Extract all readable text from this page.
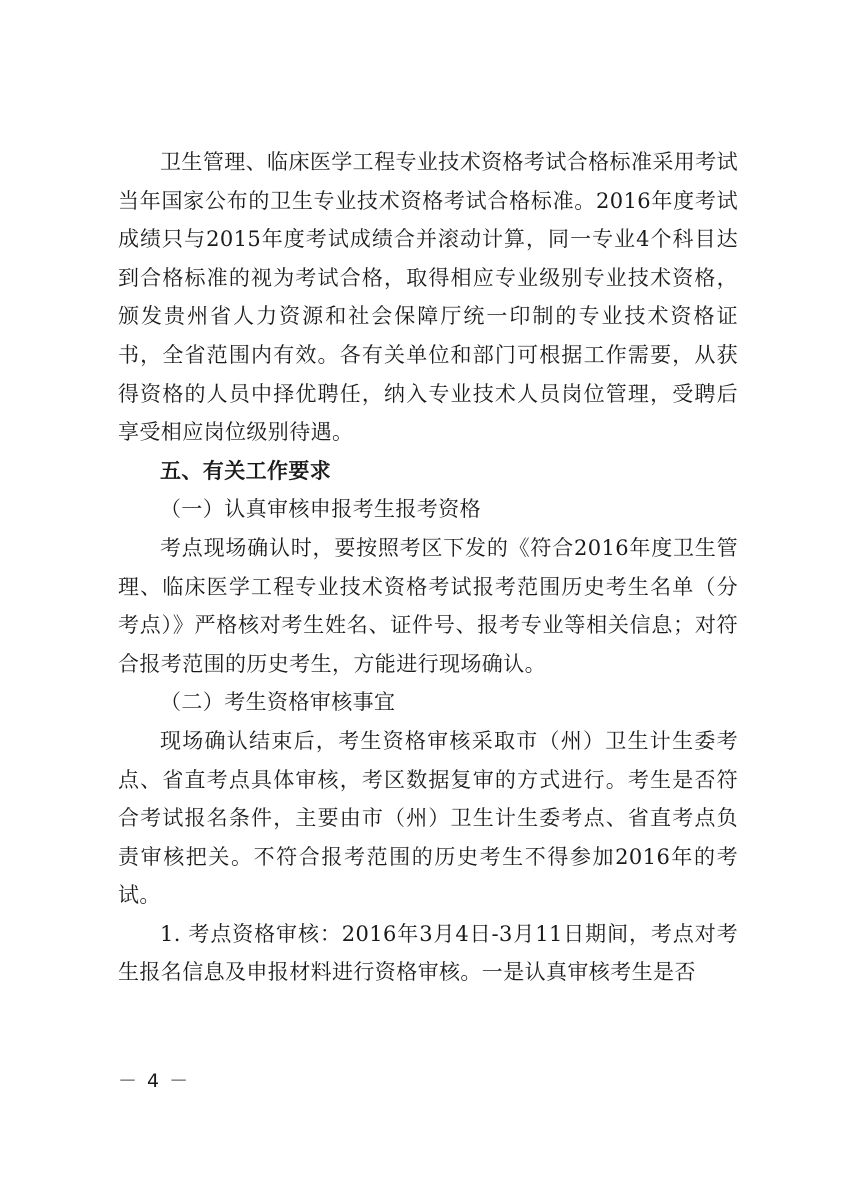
卫生管理、临床医学工程专业技术资格考试合格标准采用考试当年国家公布的卫生专业技术资格考试合格标准。2016年度考试成绩只与2015年度考试成绩合并滚动计算，同一专业4个科目达到合格标准的视为考试合格，取得相应专业级别专业技术资格，颁发贵州省人力资源和社会保障厅统一印制的专业技术资格证书，全省范围内有效。各有关单位和部门可根据工作需要，从获得资格的人员中择优聘任，纳入专业技术人员岗位管理，受聘后享受相应岗位级别待遇。

五、有关工作要求

（一）认真审核申报考生报考资格

考点现场确认时，要按照考区下发的《符合2016年度卫生管理、临床医学工程专业技术资格考试报考范围历史考生名单（分考点）》严格核对考生姓名、证件号、报考专业等相关信息；对符合报考范围的历史考生，方能进行现场确认。

（二）考生资格审核事宜

现场确认结束后，考生资格审核采取市（州）卫生计生委考点、省直考点具体审核，考区数据复审的方式进行。考生是否符合考试报名条件，主要由市（州）卫生计生委考点、省直考点负责审核把关。不符合报考范围的历史考生不得参加2016年的考试。

1. 考点资格审核：2016年3月4日-3月11日期间，考点对考生报名信息及申报材料进行资格审核。一是认真审核考生是否

－ 4 －
